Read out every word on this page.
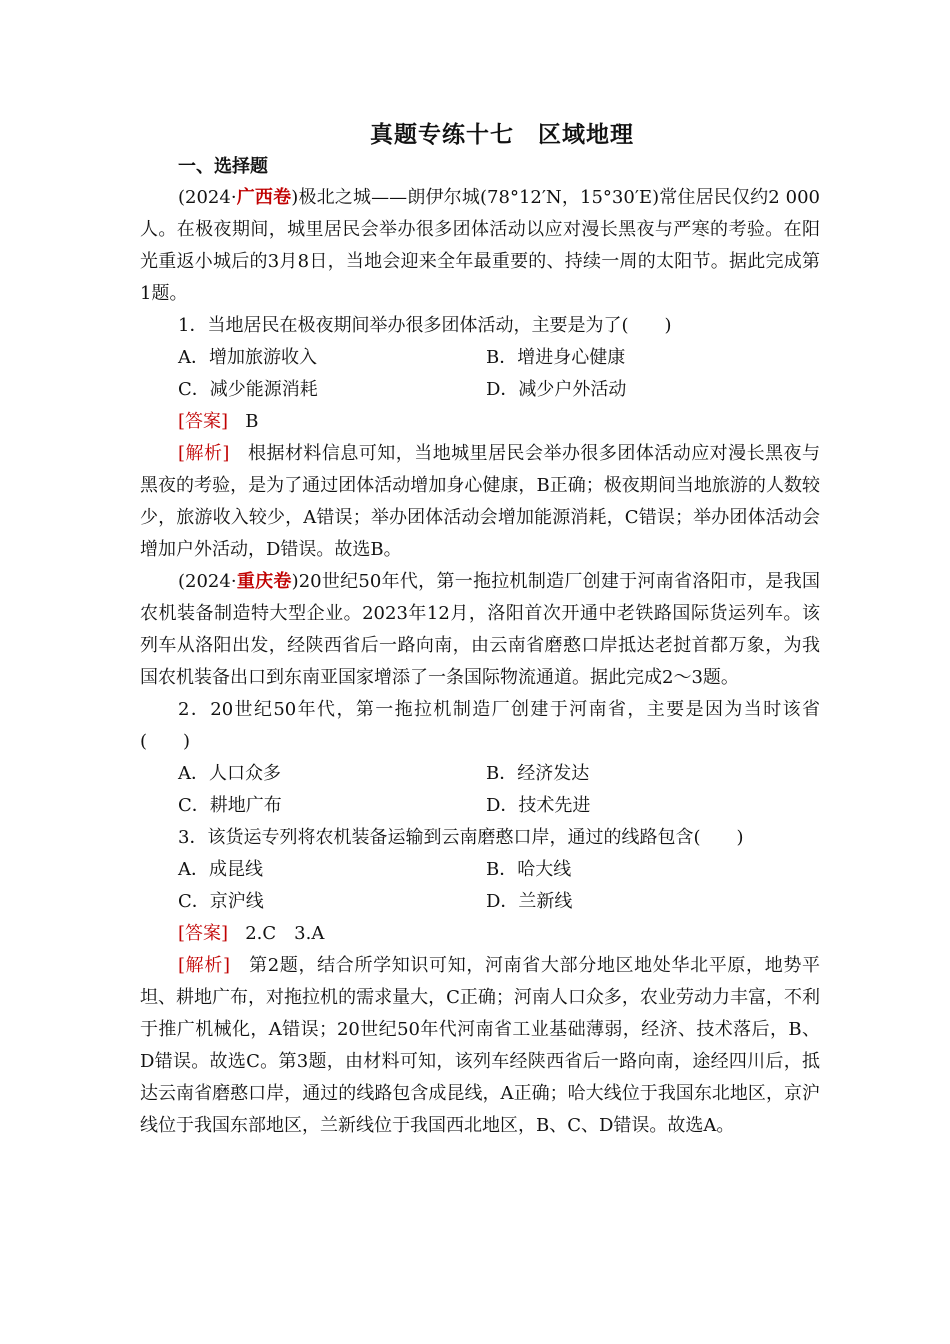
真题专练十七　区域地理
一、选择题

(2024·广西卷)极北之城——朗伊尔城(78°12′N，15°30′E)常住居民仅约2 000人。在极夜期间，城里居民会举办很多团体活动以应对漫长黑夜与严寒的考验。在阳光重返小城后的3月8日，当地会迎来全年最重要的、持续一周的太阳节。据此完成第1题。

1．当地居民在极夜期间举办很多团体活动，主要是为了(　　)
A．增加旅游收入	B．增进身心健康
C．减少能源消耗	D．减少户外活动
[答案] B

[解析] 根据材料信息可知，当地城里居民会举办很多团体活动应对漫长黑夜与黑夜的考验，是为了通过团体活动增加身心健康，B正确；极夜期间当地旅游的人数较少，旅游收入较少，A错误；举办团体活动会增加能源消耗，C错误；举办团体活动会增加户外活动，D错误。故选B。

(2024·重庆卷)20世纪50年代，第一拖拉机制造厂创建于河南省洛阳市，是我国农机装备制造特大型企业。2023年12月，洛阳首次开通中老铁路国际货运列车。该列车从洛阳出发，经陕西省后一路向南，由云南省磨憨口岸抵达老挝首都万象，为我国农机装备出口到东南亚国家增添了一条国际物流通道。据此完成2～3题。

2．20世纪50年代，第一拖拉机制造厂创建于河南省，主要是因为当时该省(　　)

A．人口众多	B．经济发达
C．耕地广布	D．技术先进
3．该货运专列将农机装备运输到云南磨憨口岸，通过的线路包含(　　)
A．成昆线	B．哈大线
C．京沪线	D．兰新线
[答案] 2.C　3.A

[解析] 第2题，结合所学知识可知，河南省大部分地区地处华北平原，地势平坦、耕地广布，对拖拉机的需求量大，C正确；河南人口众多，农业劳动力丰富，不利于推广机械化，A错误；20世纪50年代河南省工业基础薄弱，经济、技术落后，B、D错误。故选C。第3题，由材料可知，该列车经陕西省后一路向南，途经四川后，抵达云南省磨憨口岸，通过的线路包含成昆线，A正确；哈大线位于我国东北地区，京沪线位于我国东部地区，兰新线位于我国西北地区，B、C、D错误。故选A。
